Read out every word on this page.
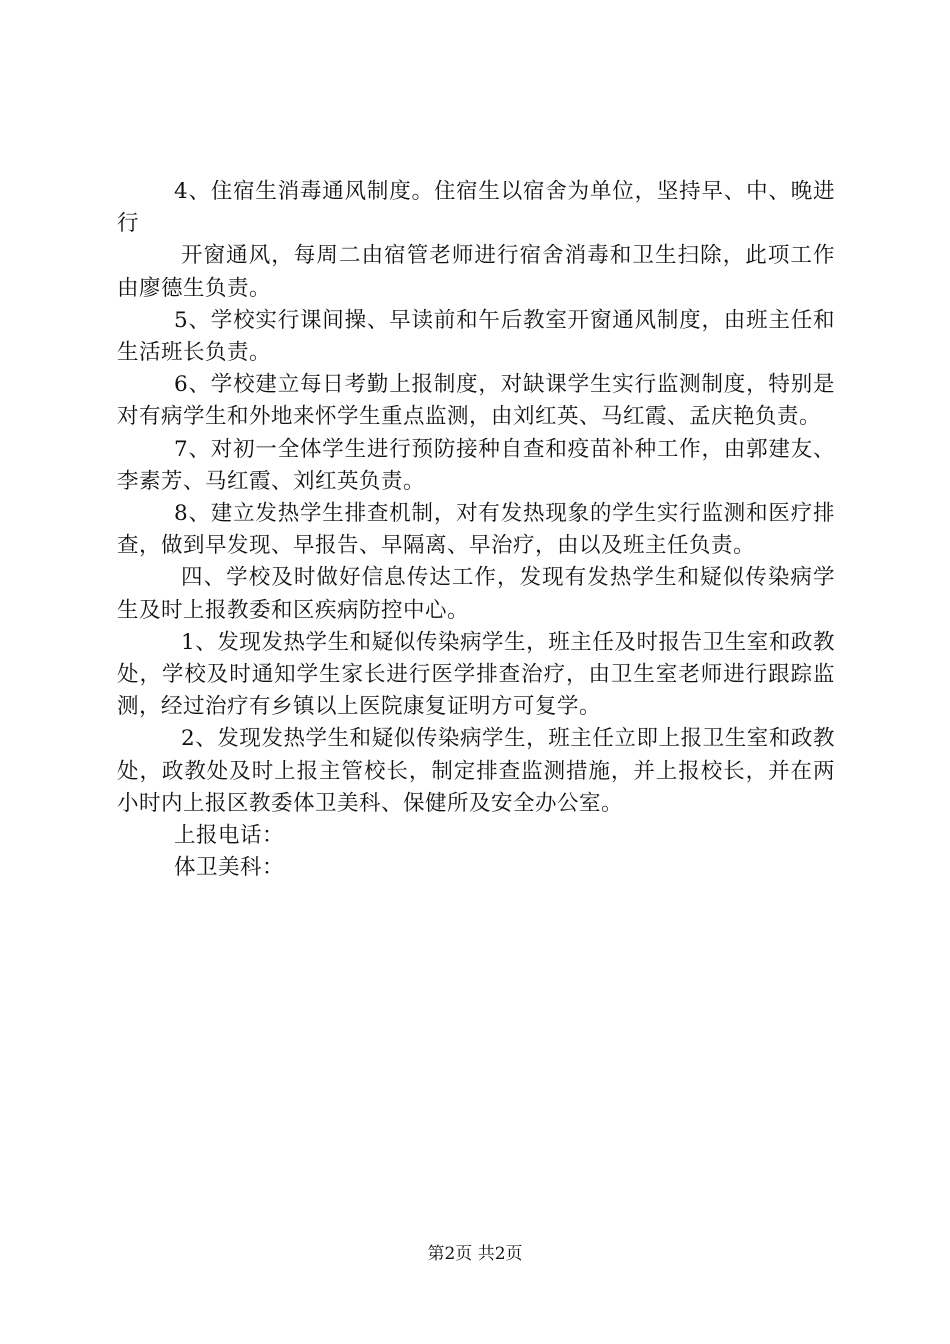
4、住宿生消毒通风制度。住宿生以宿舍为单位，坚持早、中、晚进行

开窗通风，每周二由宿管老师进行宿舍消毒和卫生扫除，此项工作由廖德生负责。

5、学校实行课间操、早读前和午后教室开窗通风制度，由班主任和生活班长负责。

6、学校建立每日考勤上报制度，对缺课学生实行监测制度，特别是对有病学生和外地来怀学生重点监测，由刘红英、马红霞、孟庆艳负责。

7、对初一全体学生进行预防接种自查和疫苗补种工作，由郭建友、李素芳、马红霞、刘红英负责。

8、建立发热学生排查机制，对有发热现象的学生实行监测和医疗排查，做到早发现、早报告、早隔离、早治疗，由以及班主任负责。

四、学校及时做好信息传达工作，发现有发热学生和疑似传染病学生及时上报教委和区疾病防控中心。

1、发现发热学生和疑似传染病学生，班主任及时报告卫生室和政教处，学校及时通知学生家长进行医学排查治疗，由卫生室老师进行跟踪监测，经过治疗有乡镇以上医院康复证明方可复学。

2、发现发热学生和疑似传染病学生，班主任立即上报卫生室和政教处，政教处及时上报主管校长，制定排查监测措施，并上报校长，并在两小时内上报区教委体卫美科、保健所及安全办公室。

上报电话：

体卫美科：

第2页 共2页
